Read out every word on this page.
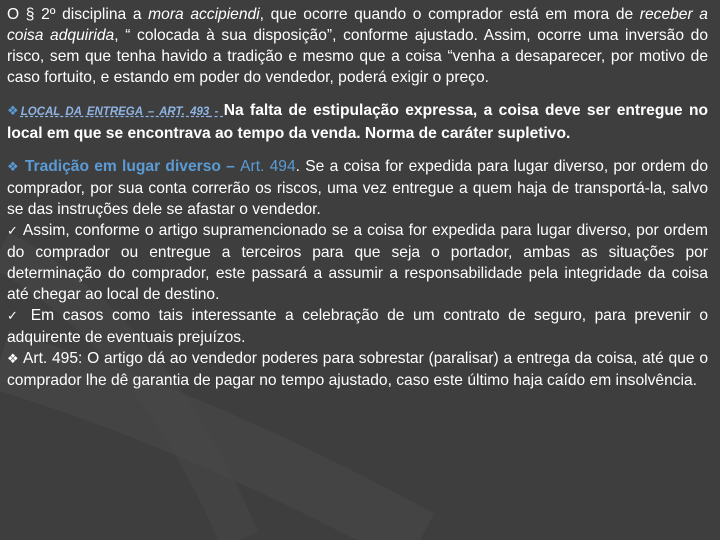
O § 2º disciplina a mora accipiendi, que ocorre quando o comprador está em mora de receber a coisa adquirida, “ colocada à sua disposição”, conforme ajustado. Assim, ocorre uma inversão do risco, sem que tenha havido a tradição e mesmo que a coisa “venha a desaparecer, por motivo de caso fortuito, e estando em poder do vendedor, poderá exigir o preço.

❖LOCAL DA ENTREGA – ART. 493 - Na falta de estipulação expressa, a coisa deve ser entregue no local em que se encontrava ao tempo da venda. Norma de caráter supletivo.

❖ Tradição em lugar diverso – Art. 494. Se a coisa for expedida para lugar diverso, por ordem do comprador, por sua conta correrão os riscos, uma vez entregue a quem haja de transportá-la, salvo se das instruções dele se afastar o vendedor.

✓ Assim, conforme o artigo supramencionado se a coisa for expedida para lugar diverso, por ordem do comprador ou entregue a terceiros para que seja o portador, ambas as situações por determinação do comprador, este passará a assumir a responsabilidade pela integridade da coisa até chegar ao local de destino.

✓ Em casos como tais interessante a celebração de um contrato de seguro, para prevenir o adquirente de eventuais prejuízos.

❖ Art. 495: O artigo dá ao vendedor poderes para sobrestar (paralisar) a entrega da coisa, até que o comprador lhe dê garantia de pagar no tempo ajustado, caso este último haja caído em insolvência.
